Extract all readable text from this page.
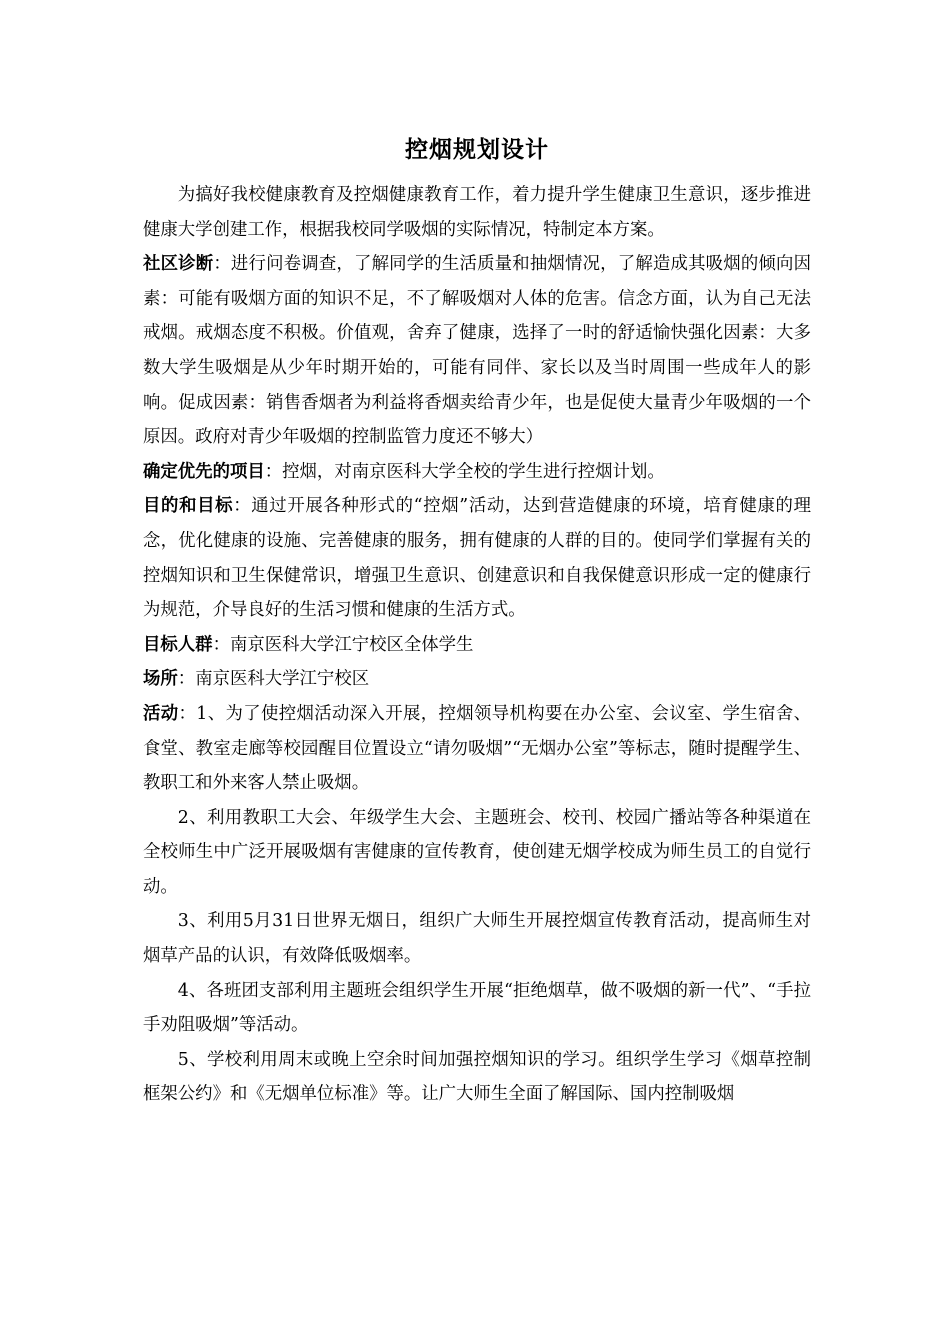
控烟规划设计

为搞好我校健康教育及控烟健康教育工作，着力提升学生健康卫生意识，逐步推进健康大学创建工作，根据我校同学吸烟的实际情况，特制定本方案。

社区诊断：进行问卷调查，了解同学的生活质量和抽烟情况，了解造成其吸烟的倾向因素：可能有吸烟方面的知识不足，不了解吸烟对人体的危害。信念方面，认为自己无法戒烟。戒烟态度不积极。价值观，舍弃了健康，选择了一时的舒适愉快强化因素：大多数大学生吸烟是从少年时期开始的，可能有同伴、家长以及当时周围一些成年人的影响。促成因素：销售香烟者为利益将香烟卖给青少年，也是促使大量青少年吸烟的一个原因。政府对青少年吸烟的控制监管力度还不够大）

确定优先的项目：控烟，对南京医科大学全校的学生进行控烟计划。

目的和目标：通过开展各种形式的“控烟”活动，达到营造健康的环境，培育健康的理念，优化健康的设施、完善健康的服务，拥有健康的人群的目的。使同学们掌握有关的控烟知识和卫生保健常识，增强卫生意识、创建意识和自我保健意识形成一定的健康行为规范，介导良好的生活习惯和健康的生活方式。

目标人群：南京医科大学江宁校区全体学生

场所：南京医科大学江宁校区

活动：1、为了使控烟活动深入开展，控烟领导机构要在办公室、会议室、学生宿舍、食堂、教室走廊等校园醒目位置设立“请勿吸烟”“无烟办公室”等标志，随时提醒学生、教职工和外来客人禁止吸烟。

2、利用教职工大会、年级学生大会、主题班会、校刊、校园广播站等各种渠道在全校师生中广泛开展吸烟有害健康的宣传教育，使创建无烟学校成为师生员工的自觉行动。

3、利用5月31日世界无烟日，组织广大师生开展控烟宣传教育活动，提高师生对烟草产品的认识，有效降低吸烟率。

4、各班团支部利用主题班会组织学生开展“拒绝烟草，做不吸烟的新一代”、“手拉手劝阻吸烟”等活动。

5、学校利用周末或晚上空余时间加强控烟知识的学习。组织学生学习《烟草控制框架公约》和《无烟单位标准》等。让广大师生全面了解国际、国内控制吸烟
